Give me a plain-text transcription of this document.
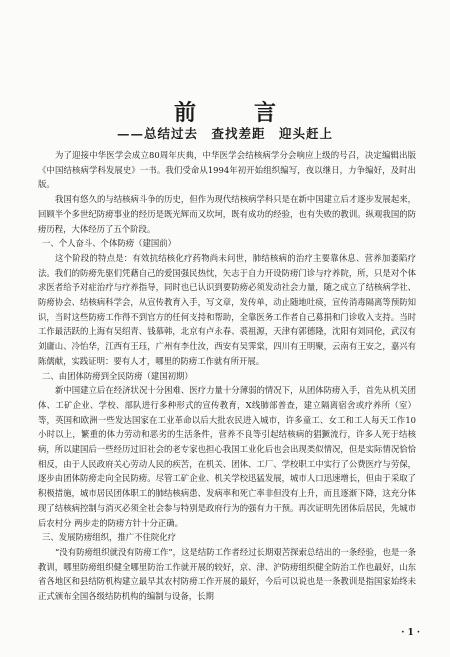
前　言
——总结过去　查找差距　迎头赶上

为了迎接中华医学会成立80周年庆典，中华医学会结核病学分会响应上级的号召，决定编辑出版《中国结核病学科发展史》一书。我们受命从1994年初开始组织编写，夜以继日，力争编好，及时出版。

我国有悠久的与结核病斗争的历史，但作为现代结核病学科只是在新中国建立后才逐步发展起来，回顾半个多世纪防痨事业的经历是既光辉而又坎坷，既有成功的经验，也有失败的教训。纵观我国的防痨历程，大体经历了五个阶段。

一、个人奋斗、个体防痨（建国前）

这个阶段的特点是：有效抗结核化疗药物尚未问世，肺结核病的治疗主要靠休息、营养加萎陷疗法。我们的防痨先驱们凭藉自己的爱国强民热忱，矢志于自力开设防痨门诊与疗养院，所，只是对个体求医者给予对症治疗与疗养指导，同时也已认识到要防痨必须发动社会力量，随之成立了结核病学社、防痨协会、结核病科学会，从宣传教育入手，写文章，发传单，动止随地吐痰，宣传消毒隔离等预防知识，当时这些防痨工作得不到官方的任何支持和帮助，全靠医务工作者自己募捐和门诊收入支持。当时工作最活跃的上海有吴绍青、钱慕韩，北京有卢永春、裘祖源，天津有郭德隆，沈阳有刘同伦，武汉有刘庸山、冷怡华，江西有王珏，广州有李仕汝，西安有吴霁棠，四川有王明聚，云南有王安之，嘉兴有陈儒献，实践证明：要有人才，哪里的防痨工作就有所开展。

二、由团体防痨到全民防痨（建国初期）

新中国建立后在经济状况十分困难、医疗力量十分薄弱的情况下，从团体防痨入手，首先从机关团体、工矿企业、学校、部队进行多种形式的宣传教育，X线肺部普查，建立隔离宿舍或疗养所（室）等，英国和欧洲一些发达国家在工业革命以后大批农民进入城市，许多童工、女工和工人每天工作10小时以上，繁重的体力劳动和恶劣的生活条件，营养不良等引起结核病的猖獗流行，许多人死于结核病，所以建国后一些经历过旧社会的老专家也担心我国工业化后也会出现类似情况，但是实际情况恰恰相反，由于人民政府关心劳动人民的疾苦，在机关、团体、工厂、学校职工中实行了公费医疗与劳保，逐步由团体防痨走向全民防痨。尽管工矿企业、机关学校迅猛发展，城市人口迅速增长，但由于采取了积极措施，城市居民团体职工的肺结核病患、发病率和死亡率非但没有上升，而且逐渐下降，这充分体现了结核病控制与消灭必须全社会参与特别是政府行为的强有力干预。再次证明先团体后居民，先城市后农村分 两步走的防痨方针十分正确。

三、发展防痨组织，推广不住院化疗

“没有防痨组织就没有防痨工作”，这是结防工作者经过长期艰苦探索总结出的一条经验，也是一条教训，哪里防痨组织健全哪里防治工作就开展的较好，京、津、沪防痨组织健全防治工作也最好，山东省各地区和县结防机构建立最早其农村防痨工作开展的最好，今后可以说也是一条教训是指国家始终未正式颁布全国各级结防机构的编制与设备，长期

· 1 ·
